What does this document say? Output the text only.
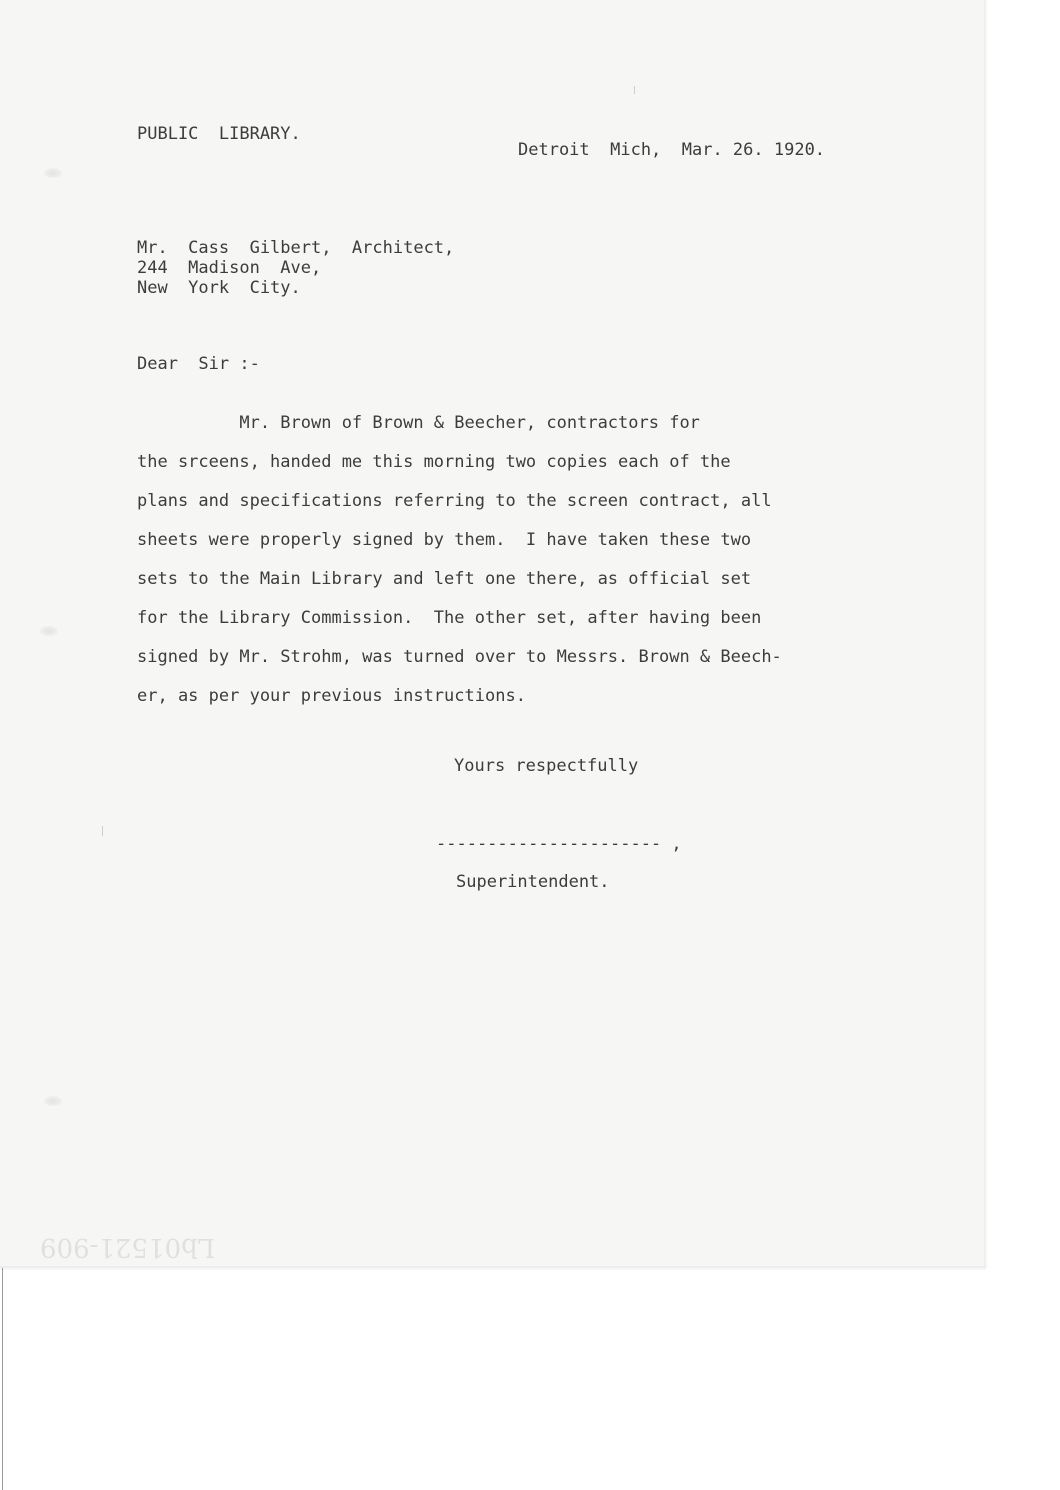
PUBLIC  LIBRARY.

Detroit  Mich,  Mar. 26. 1920.

Mr.  Cass  Gilbert,  Architect,
244  Madison  Ave,
New  York  City.

Dear  Sir :-

Mr. Brown of Brown & Beecher, contractors for
the srceens, handed me this morning two copies each of the
plans and specifications referring to the screen contract, all
sheets were properly signed by them.  I have taken these two
sets to the Main Library and left one there, as official set
for the Library Commission.  The other set, after having been
signed by Mr. Strohm, was turned over to Messrs. Brown & Beech-
er, as per your previous instructions.

Yours respectfully

---------------------- ,

Superintendent.

Lb01521-909
